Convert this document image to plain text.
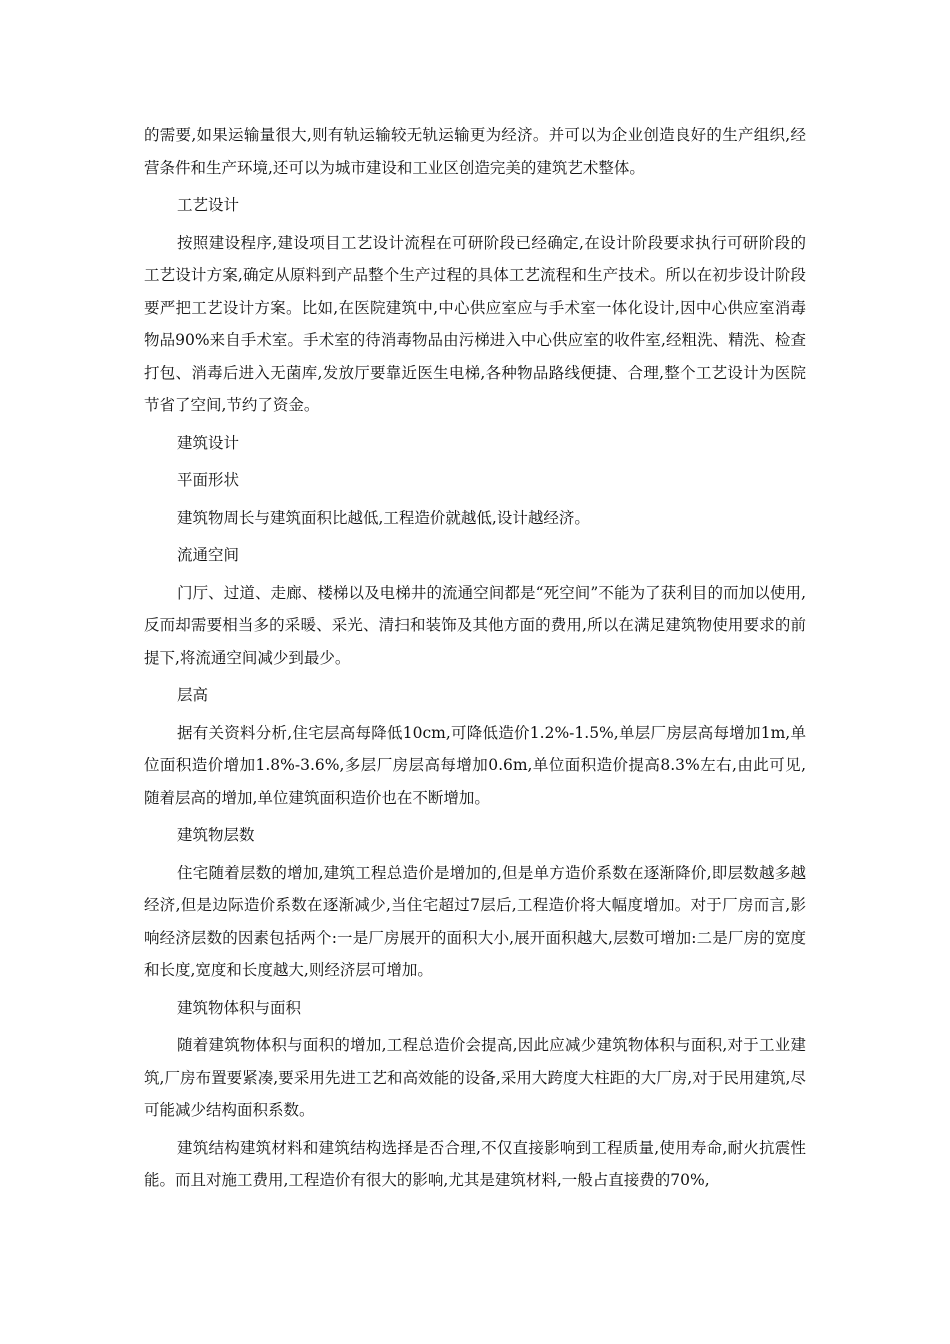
的需要,如果运输量很大,则有轨运输较无轨运输更为经济。并可以为企业创造良好的生产组织,经营条件和生产环境,还可以为城市建设和工业区创造完美的建筑艺术整体。

工艺设计

按照建设程序,建设项目工艺设计流程在可研阶段已经确定,在设计阶段要求执行可研阶段的工艺设计方案,确定从原料到产品整个生产过程的具体工艺流程和生产技术。所以在初步设计阶段要严把工艺设计方案。比如,在医院建筑中,中心供应室应与手术室一体化设计,因中心供应室消毒物品90%来自手术室。手术室的待消毒物品由污梯进入中心供应室的收件室,经粗洗、精洗、检查打包、消毒后进入无菌库,发放厅要靠近医生电梯,各种物品路线便捷、合理,整个工艺设计为医院节省了空间,节约了资金。

建筑设计

平面形状

建筑物周长与建筑面积比越低,工程造价就越低,设计越经济。

流通空间

门厅、过道、走廊、楼梯以及电梯井的流通空间都是“死空间”不能为了获利目的而加以使用,反而却需要相当多的采暖、采光、清扫和装饰及其他方面的费用,所以在满足建筑物使用要求的前提下,将流通空间减少到最少。

层高

据有关资料分析,住宅层高每降低10cm,可降低造价1.2%-1.5%,单层厂房层高每增加1m,单位面积造价增加1.8%-3.6%,多层厂房层高每增加0.6m,单位面积造价提高8.3%左右,由此可见,随着层高的增加,单位建筑面积造价也在不断增加。

建筑物层数

住宅随着层数的增加,建筑工程总造价是增加的,但是单方造价系数在逐渐降价,即层数越多越经济,但是边际造价系数在逐渐减少,当住宅超过7层后,工程造价将大幅度增加。对于厂房而言,影响经济层数的因素包括两个:一是厂房展开的面积大小,展开面积越大,层数可增加:二是厂房的宽度和长度,宽度和长度越大,则经济层可增加。

建筑物体积与面积

随着建筑物体积与面积的增加,工程总造价会提高,因此应减少建筑物体积与面积,对于工业建筑,厂房布置要紧凑,要采用先进工艺和高效能的设备,采用大跨度大柱距的大厂房,对于民用建筑,尽可能减少结构面积系数。

建筑结构建筑材料和建筑结构选择是否合理,不仅直接影响到工程质量,使用寿命,耐火抗震性能。而且对施工费用,工程造价有很大的影响,尤其是建筑材料,一般占直接费的70%,
